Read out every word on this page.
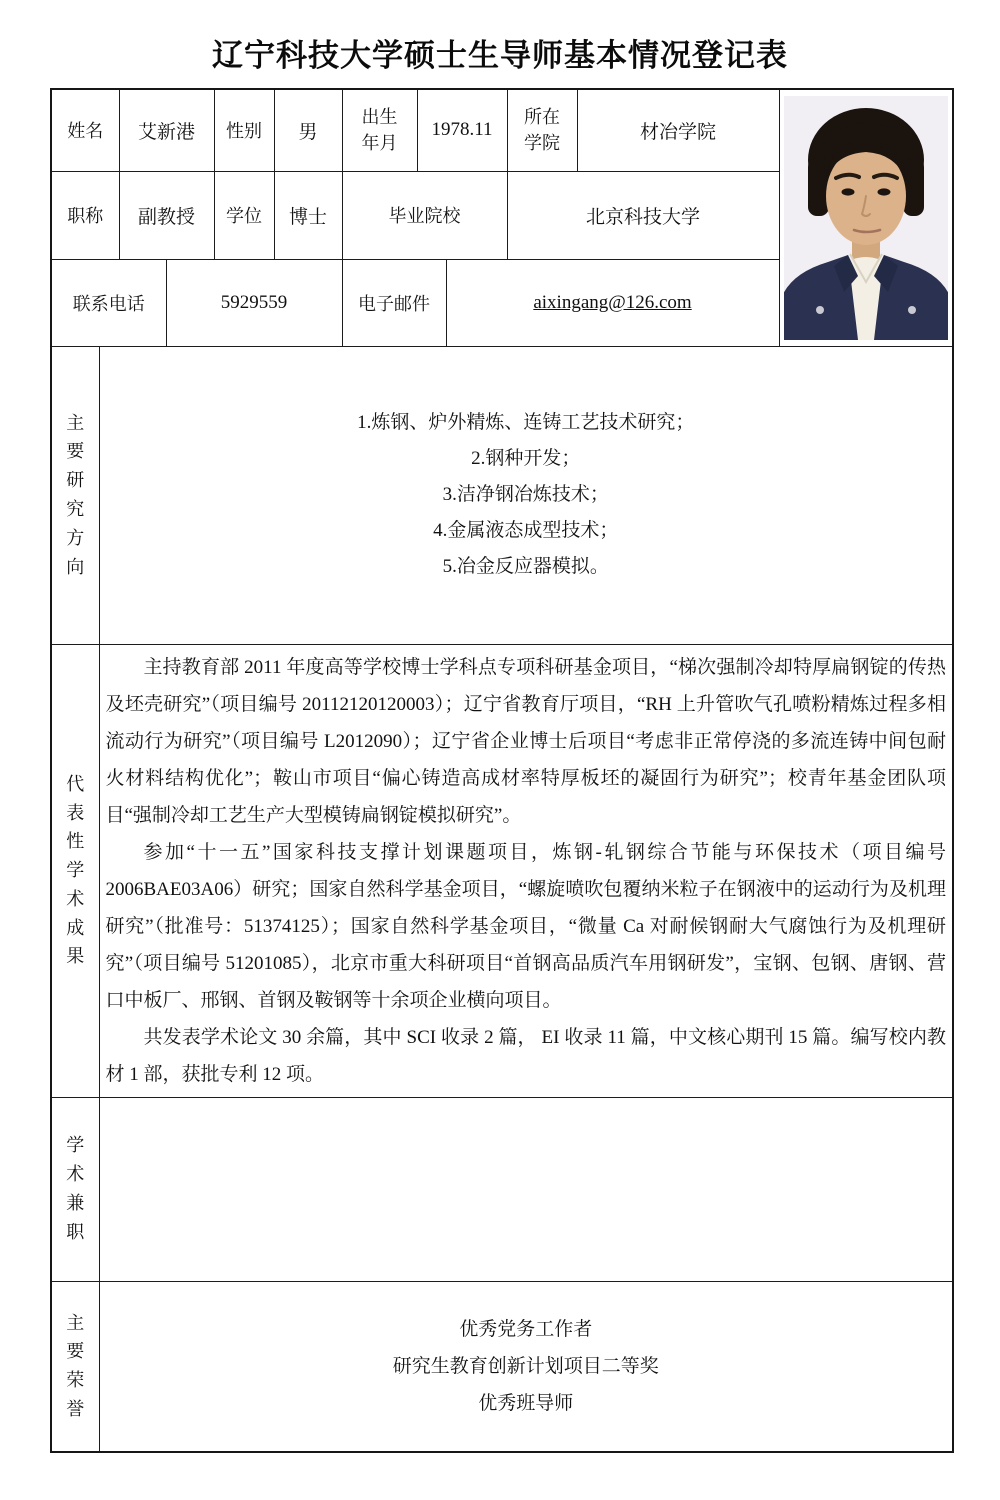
辽宁科技大学硕士生导师基本情况登记表
姓名		艾新港		性别	男	出生年月	1978.11		所在学院	材冶学院	

职称		副教授		学位	博士	毕业院校			北京科技大学		
联系电话			5929559			电子邮件		aixingang@126.com			
主要研究方向	1.炼钢、炉外精炼、连铸工艺技术研究；
2.钢种开发；
3.洁净钢冶炼技术；
4.金属液态成型技术；
5.冶金反应器模拟。										

代表性学术成果	主持教育部 2011 年度高等学校博士学科点专项科研基金项目，“梯次强制冷却特厚扁钢锭的传热及坯壳研究”（项目编号 20112120120003）；辽宁省教育厅项目，“RH 上升管吹气孔喷粉精炼过程多相流动行为研究”（项目编号 L2012090）；辽宁省企业博士后项目“考虑非正常停浇的多流连铸中间包耐火材料结构优化”；鞍山市项目“偏心铸造高成材率特厚板坯的凝固行为研究”；校青年基金团队项目“强制冷却工艺生产大型模铸扁钢锭模拟研究”。

参加“十一五”国家科技支撑计划课题项目，炼钢-轧钢综合节能与环保技术（项目编号 2006BAE03A06）研究；国家自然科学基金项目，“螺旋喷吹包覆纳米粒子在钢液中的运动行为及机理研究”（批准号：51374125）；国家自然科学基金项目，“微量 Ca 对耐候钢耐大气腐蚀行为及机理研究”（项目编号 51201085），北京市重大科研项目“首钢高品质汽车用钢研发”，宝钢、包钢、唐钢、营口中板厂、邢钢、首钢及鞍钢等十余项企业横向项目。

共发表学术论文 30 余篇，其中 SCI 收录 2 篇， EI 收录 11 篇，中文核心期刊 15 篇。编写校内教材 1 部，获批专利 12 项。										

学术兼职											

主要荣誉	优秀党务工作者
研究生教育创新计划项目二等奖
优秀班导师										
